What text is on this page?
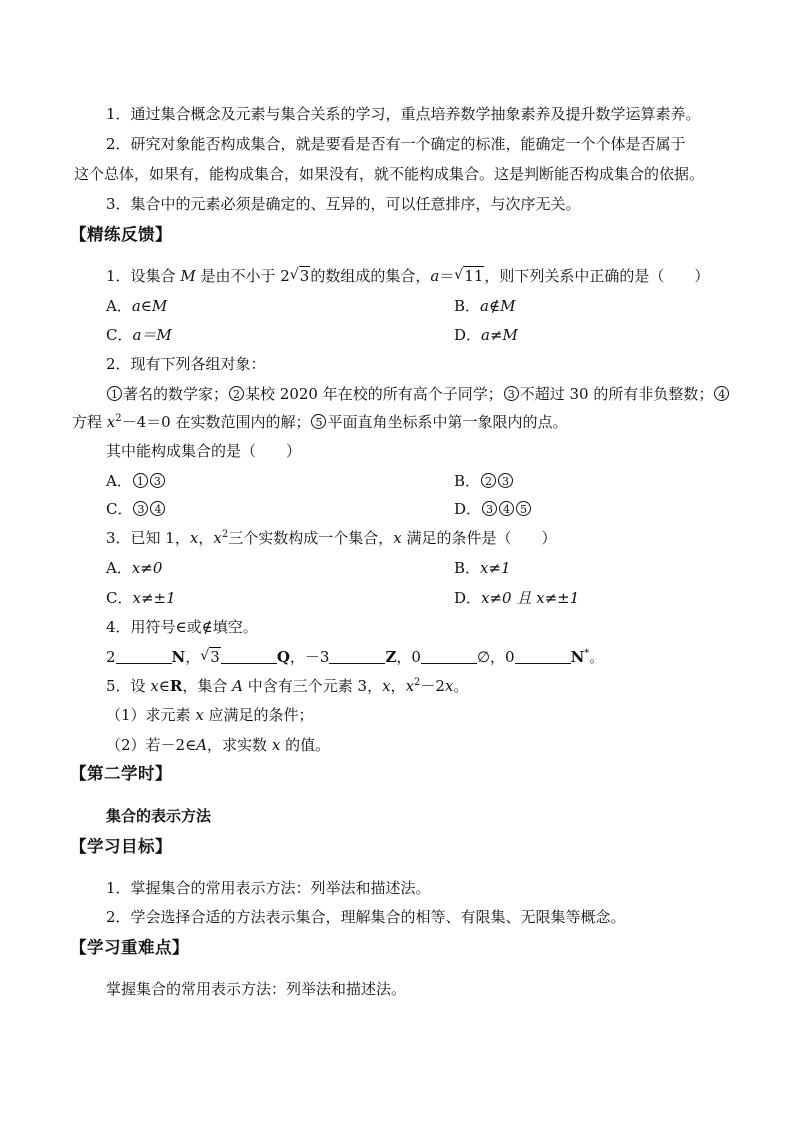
1．通过集合概念及元素与集合关系的学习，重点培养数学抽象素养及提升数学运算素养。
2．研究对象能否构成集合，就是要看是否有一个确定的标准，能确定一个个体是否属于
这个总体，如果有，能构成集合，如果没有，就不能构成集合。这是判断能否构成集合的依据。
3．集合中的元素必须是确定的、互异的，可以任意排序，与次序无关。
【精练反馈】
1．设集合 M 是由不小于 2 √ 3的数组成的集合，a＝ √ 11，则下列关系中正确的是（　　）
A．a∈M	B．a∉M
C．a＝M	D．a≠M
2．现有下列各组对象：
1 著名的数学家； 2 某校 2020 年在校的所有高个子同学； 3 不超过 30 的所有非负整数； 4
方程 $x^2-4=0$ 在实数范围内的解； 5 平面直角坐标系中第一象限内的点。
其中能构成集合的是（　　）
A． 1 3	B． 2 3
C． 3 4	D． 3 4 5
3．已知 1，x，$x^2$三个实数构成一个集合，x 满足的条件是（　　）
A．x≠0	B．x≠1
C．x≠±1	D．x≠0 且 x≠±1
4．用符号∈或∉填空。
2	N， √ 3	Q，－3	Z，0	∅，0	N*。
5．设 x∈R，集合 A 中含有三个元素 3，x，$x^2-2x$。
（1）求元素 x 应满足的条件；
（2）若－2∈A，求实数 x 的值。
【第二学时】
集合的表示方法
【学习目标】
1．掌握集合的常用表示方法：列举法和描述法。
2．学会选择合适的方法表示集合，理解集合的相等、有限集、无限集等概念。
【学习重难点】
掌握集合的常用表示方法：列举法和描述法。
